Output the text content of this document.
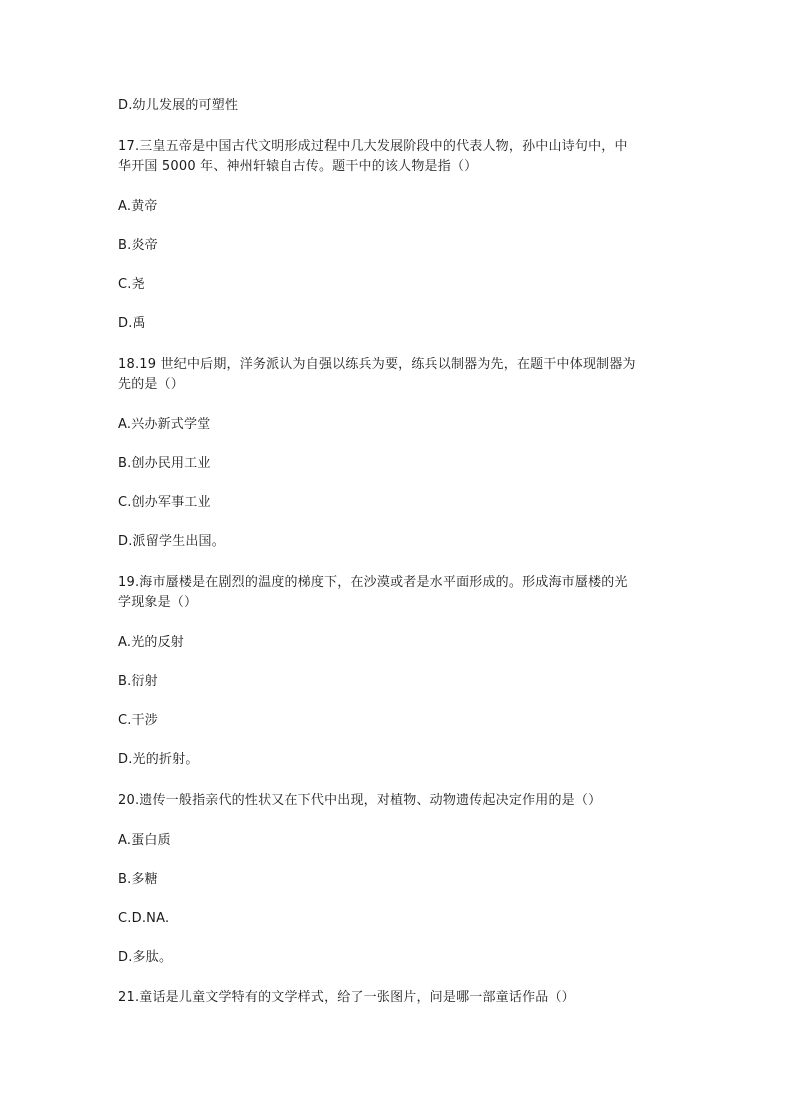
D.幼儿发展的可塑性
17.三皇五帝是中国古代文明形成过程中几大发展阶段中的代表人物，孙中山诗句中，中
华开国 5000 年、神州轩辕自古传。题干中的该人物是指（）
A.黄帝
B.炎帝
C.尧
D.禹
18.19 世纪中后期，洋务派认为自强以练兵为要，练兵以制器为先，在题干中体现制器为
先的是（）
A.兴办新式学堂
B.创办民用工业
C.创办军事工业
D.派留学生出国。
19.海市蜃楼是在剧烈的温度的梯度下，在沙漠或者是水平面形成的。形成海市蜃楼的光
学现象是（）
A.光的反射
B.衍射
C.干涉
D.光的折射。
20.遗传一般指亲代的性状又在下代中出现，对植物、动物遗传起决定作用的是（）
A.蛋白质
B.多糖
C.D.NA.
D.多肽。
21.童话是儿童文学特有的文学样式，给了一张图片，问是哪一部童话作品（）
